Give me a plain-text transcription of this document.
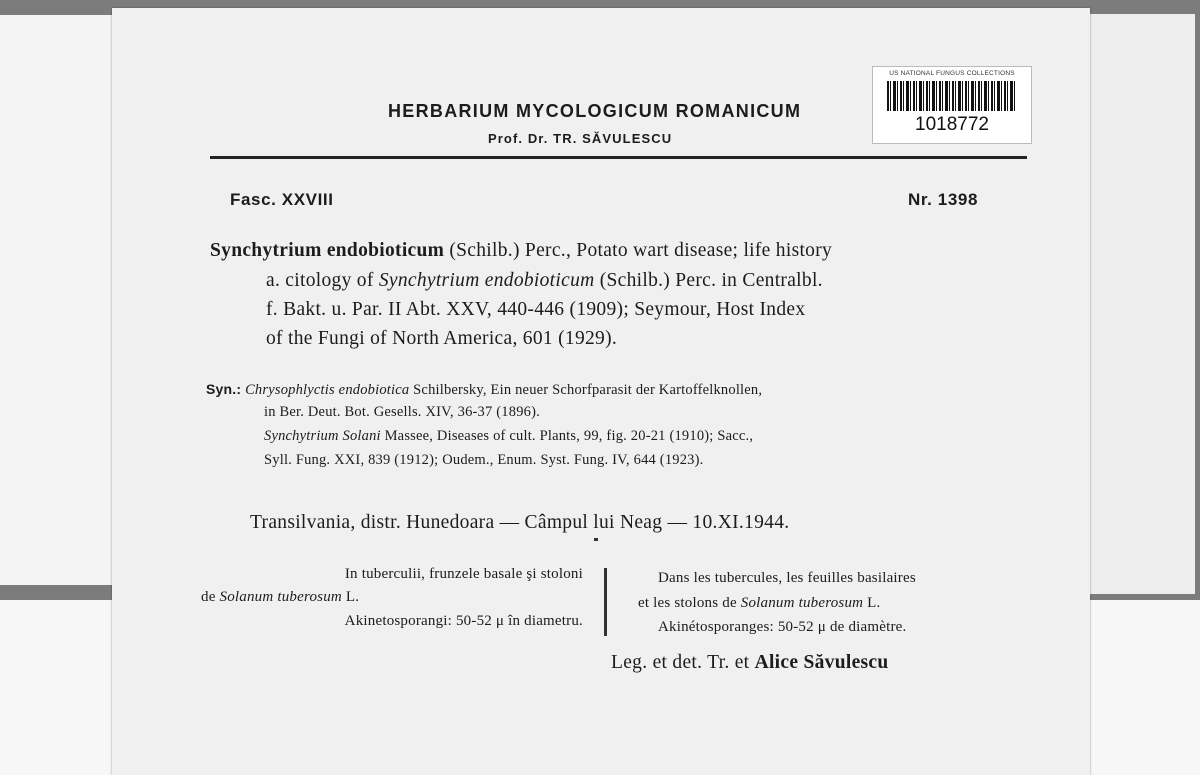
US NATIONAL FUNGUS COLLECTIONS
1018772
HERBARIUM MYCOLOGICUM ROMANICUM
Prof. Dr. TR. SĂVULESCU
Fasc. XXVIII	Nr. 1398
Synchytrium endobioticum (Schilb.) Perc., Potato wart disease; life history
a. citology of Synchytrium endobioticum (Schilb.) Perc. in Centralbl.
f. Bakt. u. Par. II Abt. XXV, 440-446 (1909); Seymour, Host Index
of the Fungi of North America, 601 (1929).
Syn.: Chrysophlyctis endobiotica Schilbersky, Ein neuer Schorfparasit der Kartoffelknollen,
in Ber. Deut. Bot. Gesells. XIV, 36-37 (1896).
Synchytrium Solani Massee, Diseases of cult. Plants, 99, fig. 20-21 (1910); Sacc.,
Syll. Fung. XXI, 839 (1912); Oudem., Enum. Syst. Fung. IV, 644 (1923).
Transilvania, distr. Hunedoara — Câmpul lui Neag — 10.XI.1944.
In tuberculii, frunzele basale şi stoloni
de Solanum tuberosum L.
Akinetosporangi: 50-52 μ în diametru.
Dans les tubercules, les feuilles basilaires
et les stolons de Solanum tuberosum L.
Akinétosporanges: 50-52 μ de diamètre.
Leg. et det. Tr. et Alice Săvulescu
